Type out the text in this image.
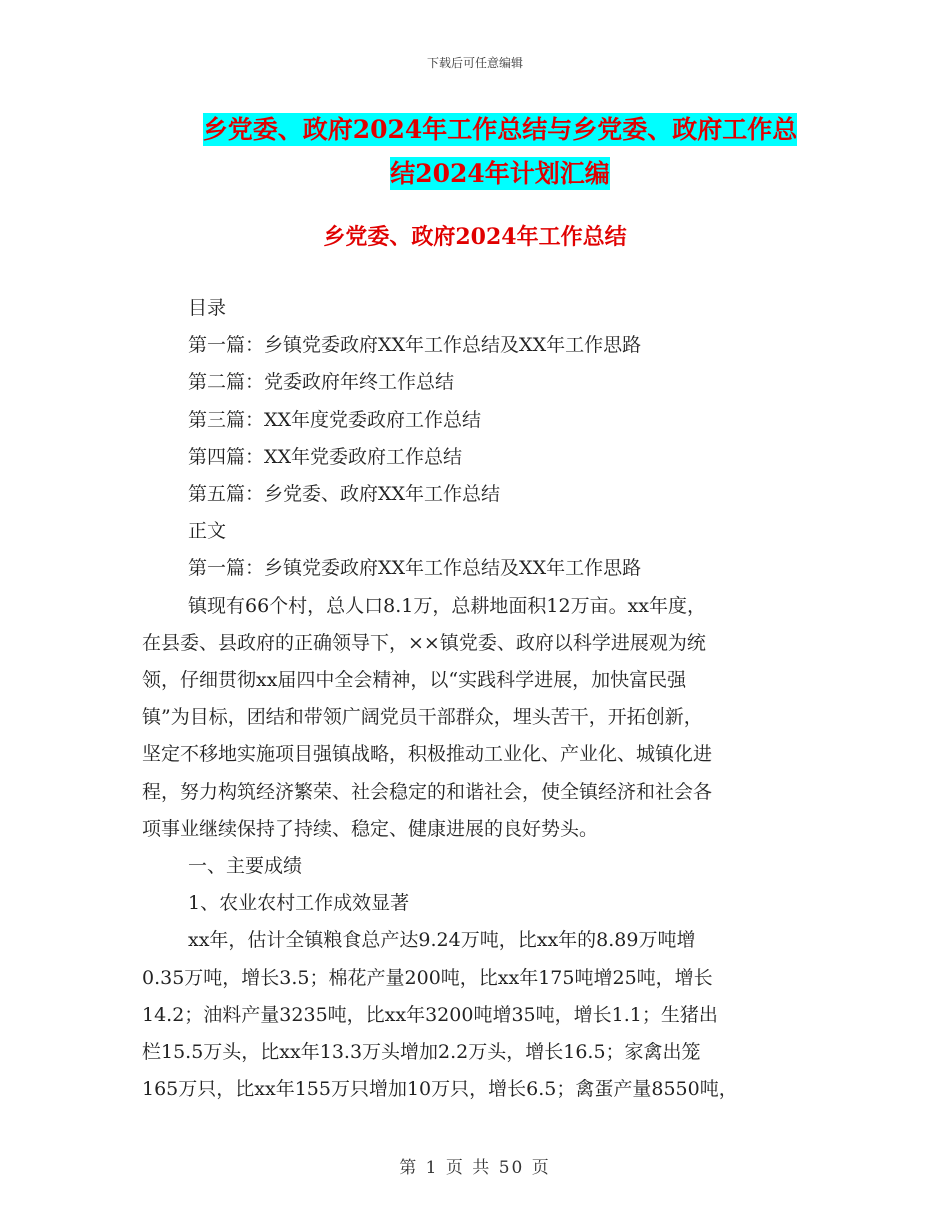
下载后可任意编辑
乡党委、政府2024年工作总结与乡党委、政府工作总
结2024年计划汇编
乡党委、政府2024年工作总结
目录
第一篇：乡镇党委政府XX年工作总结及XX年工作思路
第二篇：党委政府年终工作总结
第三篇：XX年度党委政府工作总结
第四篇：XX年党委政府工作总结
第五篇：乡党委、政府XX年工作总结
正文
第一篇：乡镇党委政府XX年工作总结及XX年工作思路
镇现有66个村，总人口8.1万，总耕地面积12万亩。xx年度，
在县委、县政府的正确领导下，××镇党委、政府以科学进展观为统
领，仔细贯彻xx届四中全会精神，以“实践科学进展，加快富民强
镇”为目标，团结和带领广阔党员干部群众，埋头苦干，开拓创新，
坚定不移地实施项目强镇战略，积极推动工业化、产业化、城镇化进
程，努力构筑经济繁荣、社会稳定的和谐社会，使全镇经济和社会各
项事业继续保持了持续、稳定、健康进展的良好势头。
一、主要成绩
1、农业农村工作成效显著
xx年，估计全镇粮食总产达9.24万吨，比xx年的8.89万吨增
0.35万吨，增长3.5；棉花产量200吨，比xx年175吨增25吨，增长
14.2；油料产量3235吨，比xx年3200吨增35吨，增长1.1；生猪出
栏15.5万头，比xx年13.3万头增加2.2万头，增长16.5；家禽出笼
165万只，比xx年155万只增加10万只，增长6.5；禽蛋产量8550吨，
第 1 页 共 50 页
